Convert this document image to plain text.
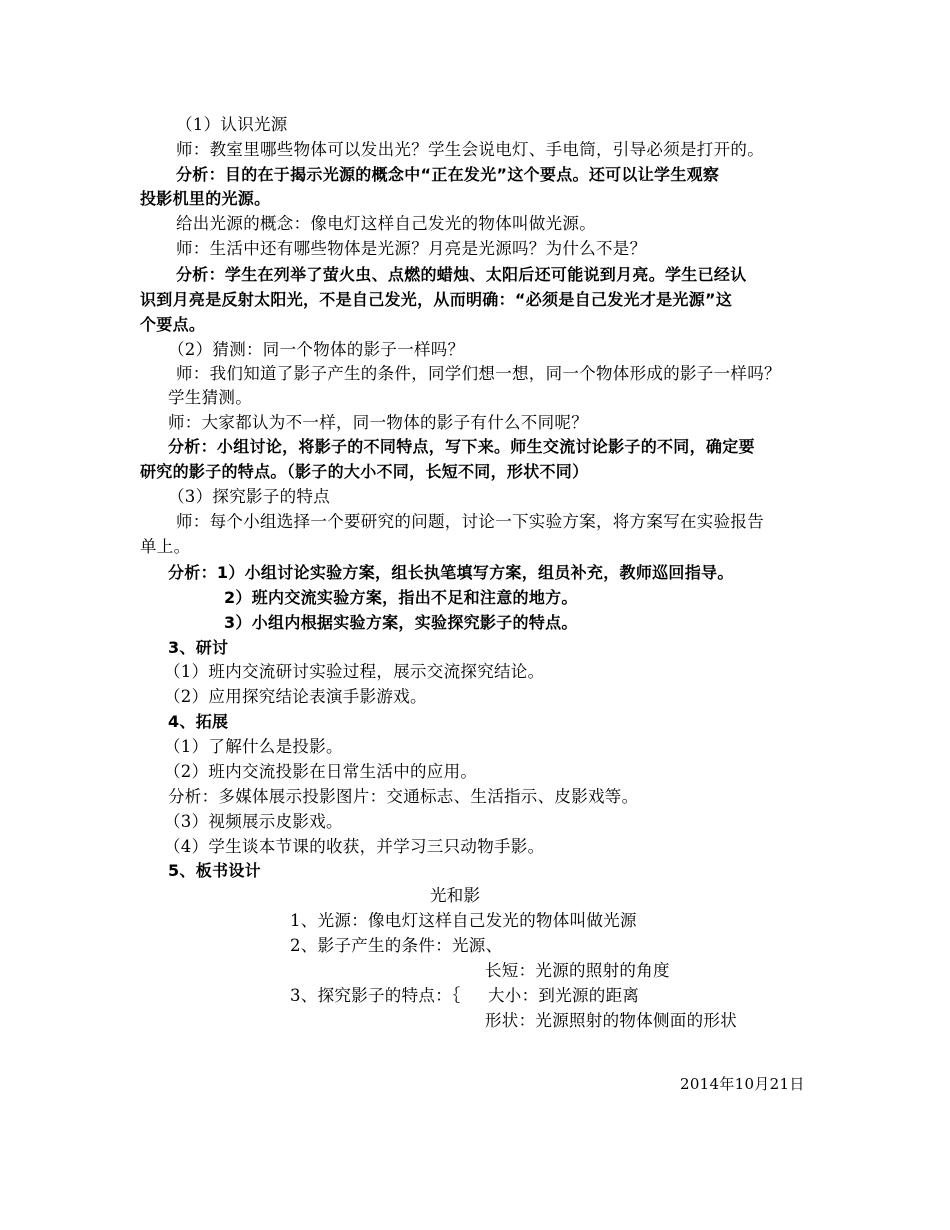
（1）认识光源
师：教室里哪些物体可以发出光？学生会说电灯、手电筒，引导必须是打开的。
分析：目的在于揭示光源的概念中“正在发光”这个要点。还可以让学生观察
投影机里的光源。
给出光源的概念：像电灯这样自己发光的物体叫做光源。
师：生活中还有哪些物体是光源？月亮是光源吗？为什么不是？
分析：学生在列举了萤火虫、点燃的蜡烛、太阳后还可能说到月亮。学生已经认
识到月亮是反射太阳光，不是自己发光，从而明确：“必须是自己发光才是光源”这
个要点。
（2）猜测：同一个物体的影子一样吗？
师：我们知道了影子产生的条件，同学们想一想，同一个物体形成的影子一样吗？
学生猜测。
师：大家都认为不一样，同一物体的影子有什么不同呢？
分析：小组讨论，将影子的不同特点，写下来。师生交流讨论影子的不同，确定要
研究的影子的特点。（影子的大小不同，长短不同，形状不同）
（3）探究影子的特点
师：每个小组选择一个要研究的问题，讨论一下实验方案，将方案写在实验报告
单上。
分析：1）小组讨论实验方案，组长执笔填写方案，组员补充，教师巡回指导。
2）班内交流实验方案，指出不足和注意的地方。
3）小组内根据实验方案，实验探究影子的特点。
3、研讨
（1）班内交流研讨实验过程，展示交流探究结论。
（2）应用探究结论表演手影游戏。
4、拓展
（1）了解什么是投影。
（2）班内交流投影在日常生活中的应用。
分析：多媒体展示投影图片：交通标志、生活指示、皮影戏等。
（3）视频展示皮影戏。
（4）学生谈本节课的收获，并学习三只动物手影。
5、板书设计
光和影
1、光源：像电灯这样自己发光的物体叫做光源
2、影子产生的条件：光源、
长短：光源的照射的角度
3、探究影子的特点：｛ 大小：到光源的距离
形状：光源照射的物体侧面的形状
2014年10月21日
